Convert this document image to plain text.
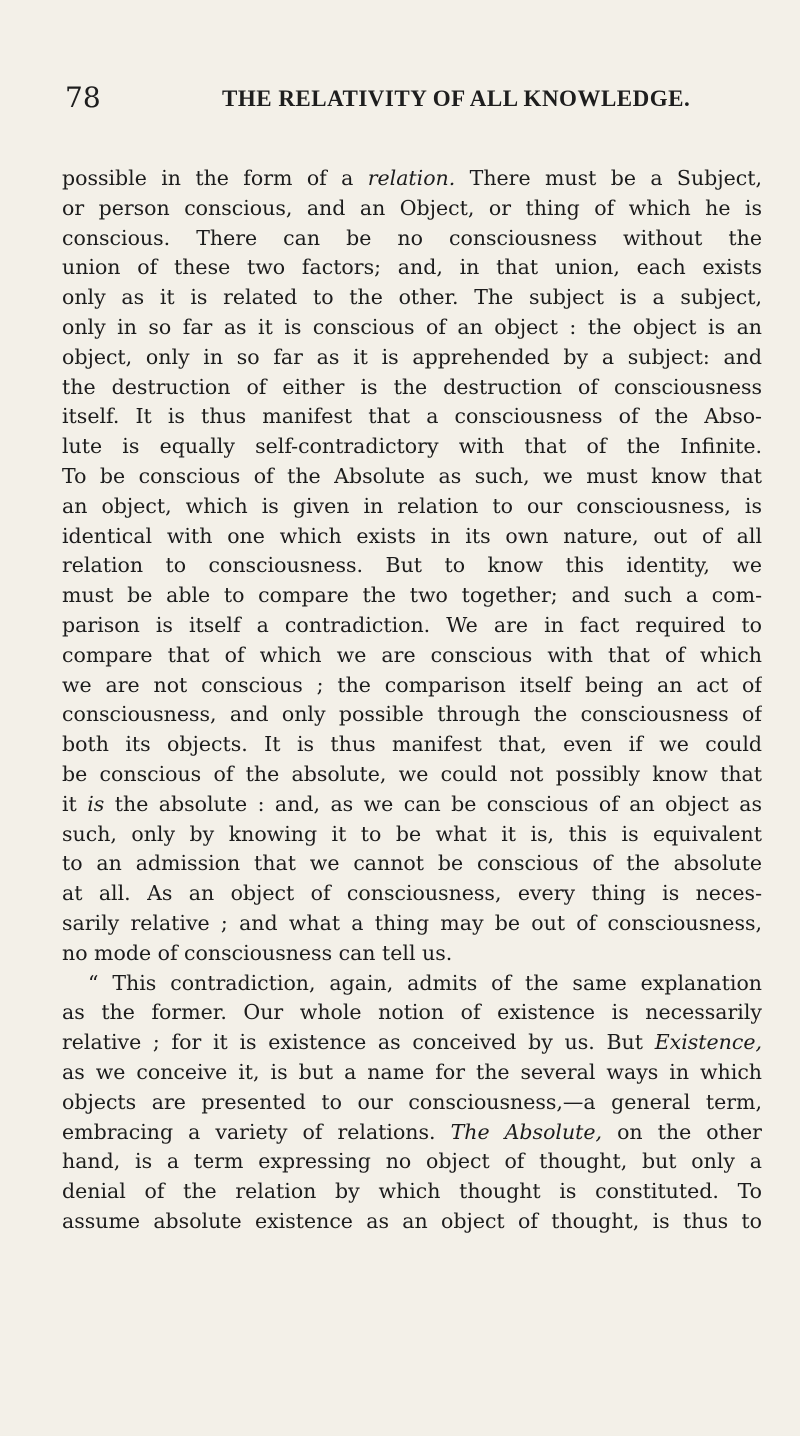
78	THE RELATIVITY OF ALL KNOWLEDGE.
possible in the form of a relation. There must be a Subject,
or person conscious, and an Object, or thing of which he is
conscious. There can be no consciousness without the
union of these two factors; and, in that union, each exists
only as it is related to the other. The subject is a subject,
only in so far as it is conscious of an object : the object is an
object, only in so far as it is apprehended by a subject: and
the destruction of either is the destruction of consciousness
itself. It is thus manifest that a consciousness of the Abso-
lute is equally self-contradictory with that of the Infinite.
To be conscious of the Absolute as such, we must know that
an object, which is given in relation to our consciousness, is
identical with one which exists in its own nature, out of all
relation to consciousness. But to know this identity, we
must be able to compare the two together; and such a com-
parison is itself a contradiction. We are in fact required to
compare that of which we are conscious with that of which
we are not conscious ; the comparison itself being an act of
consciousness, and only possible through the consciousness of
both its objects. It is thus manifest that, even if we could
be conscious of the absolute, we could not possibly know that
it is the absolute : and, as we can be conscious of an object as
such, only by knowing it to be what it is, this is equivalent
to an admission that we cannot be conscious of the absolute
at all. As an object of consciousness, every thing is neces-
sarily relative ; and what a thing may be out of consciousness,
no mode of consciousness can tell us.
“ This contradiction, again, admits of the same explanation
as the former. Our whole notion of existence is necessarily
relative ; for it is existence as conceived by us. But Existence,
as we conceive it, is but a name for the several ways in which
objects are presented to our consciousness,—a general term,
embracing a variety of relations. The Absolute, on the other
hand, is a term expressing no object of thought, but only a
denial of the relation by which thought is constituted. To
assume absolute existence as an object of thought, is thus to
